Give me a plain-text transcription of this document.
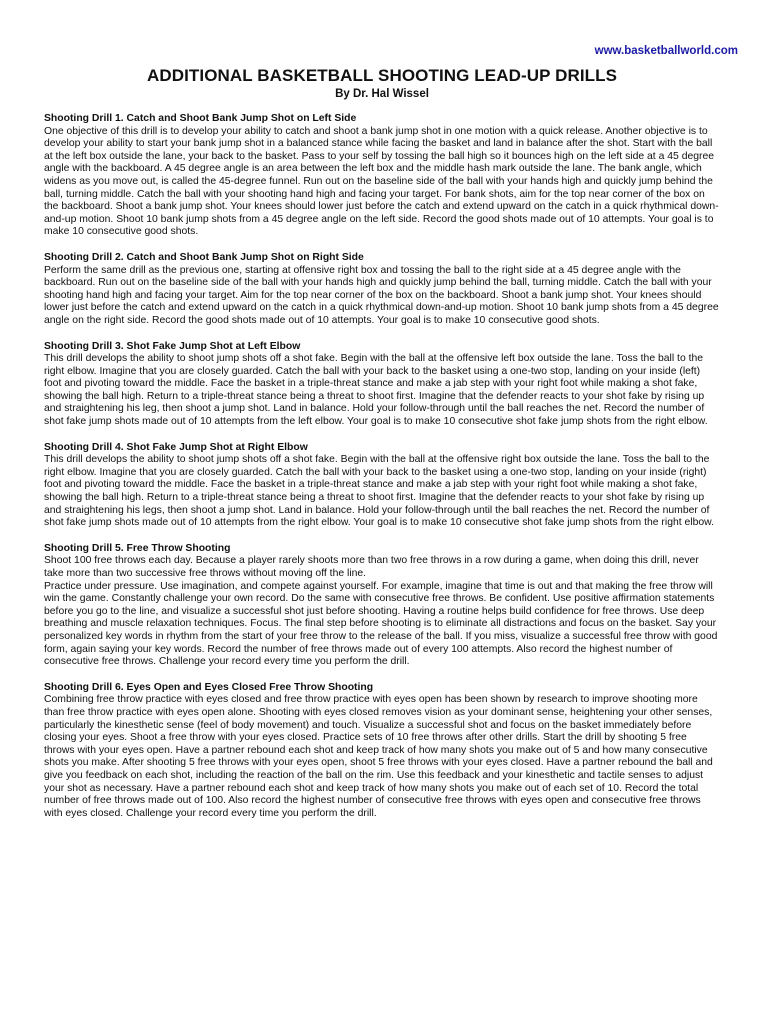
www.basketballworld.com
ADDITIONAL BASKETBALL SHOOTING LEAD-UP DRILLS
By Dr. Hal Wissel

Shooting Drill 1. Catch and Shoot Bank Jump Shot on Left Side

One objective of this drill is to develop your ability to catch and shoot a bank jump shot in one motion with a quick release. Another objective is to develop your ability to start your bank jump shot in a balanced stance while facing the basket and land in balance after the shot. Start with the ball at the left box outside the lane, your back to the basket. Pass to your self by tossing the ball high so it bounces high on the left side at a 45 degree angle with the backboard. A 45 degree angle is an area between the left box and the middle hash mark outside the lane. The bank angle, which widens as you move out, is called the 45-degree funnel. Run out on the baseline side of the ball with your hands high and quickly jump behind the ball, turning middle. Catch the ball with your shooting hand high and facing your target. For bank shots, aim for the top near corner of the box on the backboard. Shoot a bank jump shot. Your knees should lower just before the catch and extend upward on the catch in a quick rhythmical down-and-up motion. Shoot 10 bank jump shots from a 45 degree angle on the left side. Record the good shots made out of 10 attempts. Your goal is to make 10 consecutive good shots.

Shooting Drill 2. Catch and Shoot Bank Jump Shot on Right Side

Perform the same drill as the previous one, starting at offensive right box and tossing the ball to the right side at a 45 degree angle with the backboard. Run out on the baseline side of the ball with your hands high and quickly jump behind the ball, turning middle. Catch the ball with your shooting hand high and facing your target. Aim for the top near corner of the box on the backboard. Shoot a bank jump shot. Your knees should lower just before the catch and extend upward on the catch in a quick rhythmical down-and-up motion. Shoot 10 bank jump shots from a 45 degree angle on the right side. Record the good shots made out of 10 attempts. Your goal is to make 10 consecutive good shots.

Shooting Drill 3. Shot Fake Jump Shot at Left Elbow

This drill develops the ability to shoot jump shots off a shot fake. Begin with the ball at the offensive left box outside the lane. Toss the ball to the right elbow. Imagine that you are closely guarded. Catch the ball with your back to the basket using a one-two stop, landing on your inside (left) foot and pivoting toward the middle. Face the basket in a triple-threat stance and make a jab step with your right foot while making a shot fake, showing the ball high. Return to a triple-threat stance being a threat to shoot first. Imagine that the defender reacts to your shot fake by rising up and straightening his leg, then shoot a jump shot. Land in balance. Hold your follow-through until the ball reaches the net. Record the number of shot fake jump shots made out of 10 attempts from the left elbow. Your goal is to make 10 consecutive shot fake jump shots from the right elbow.

Shooting Drill 4. Shot Fake Jump Shot at Right Elbow

This drill develops the ability to shoot jump shots off a shot fake. Begin with the ball at the offensive right box outside the lane. Toss the ball to the right elbow. Imagine that you are closely guarded. Catch the ball with your back to the basket using a one-two stop, landing on your inside (right) foot and pivoting toward the middle. Face the basket in a triple-threat stance and make a jab step with your right foot while making a shot fake, showing the ball high. Return to a triple-threat stance being a threat to shoot first. Imagine that the defender reacts to your shot fake by rising up and straightening his legs, then shoot a jump shot. Land in balance. Hold your follow-through until the ball reaches the net. Record the number of shot fake jump shots made out of 10 attempts from the right elbow. Your goal is to make 10 consecutive shot fake jump shots from the right elbow.

Shooting Drill 5. Free Throw Shooting

Shoot 100 free throws each day. Because a player rarely shoots more than two free throws in a row during a game, when doing this drill, never take more than two successive free throws without moving off the line.

Practice under pressure. Use imagination, and compete against yourself. For example, imagine that time is out and that making the free throw will win the game. Constantly challenge your own record. Do the same with consecutive free throws. Be confident. Use positive affirmation statements before you go to the line, and visualize a successful shot just before shooting. Having a routine helps build confidence for free throws. Use deep breathing and muscle relaxation techniques. Focus. The final step before shooting is to eliminate all distractions and focus on the basket. Say your personalized key words in rhythm from the start of your free throw to the release of the ball. If you miss, visualize a successful free throw with good form, again saying your key words. Record the number of free throws made out of every 100 attempts. Also record the highest number of consecutive free throws. Challenge your record every time you perform the drill.

Shooting Drill 6. Eyes Open and Eyes Closed Free Throw Shooting

Combining free throw practice with eyes closed and free throw practice with eyes open has been shown by research to improve shooting more than free throw practice with eyes open alone. Shooting with eyes closed removes vision as your dominant sense, heightening your other senses, particularly the kinesthetic sense (feel of body movement) and touch. Visualize a successful shot and focus on the basket immediately before closing your eyes. Shoot a free throw with your eyes closed. Practice sets of 10 free throws after other drills. Start the drill by shooting 5 free throws with your eyes open. Have a partner rebound each shot and keep track of how many shots you make out of 5 and how many consecutive shots you make. After shooting 5 free throws with your eyes open, shoot 5 free throws with your eyes closed. Have a partner rebound the ball and give you feedback on each shot, including the reaction of the ball on the rim. Use this feedback and your kinesthetic and tactile senses to adjust your shot as necessary. Have a partner rebound each shot and keep track of how many shots you make out of each set of 10. Record the total number of free throws made out of 100. Also record the highest number of consecutive free throws with eyes open and consecutive free throws with eyes closed. Challenge your record every time you perform the drill.
